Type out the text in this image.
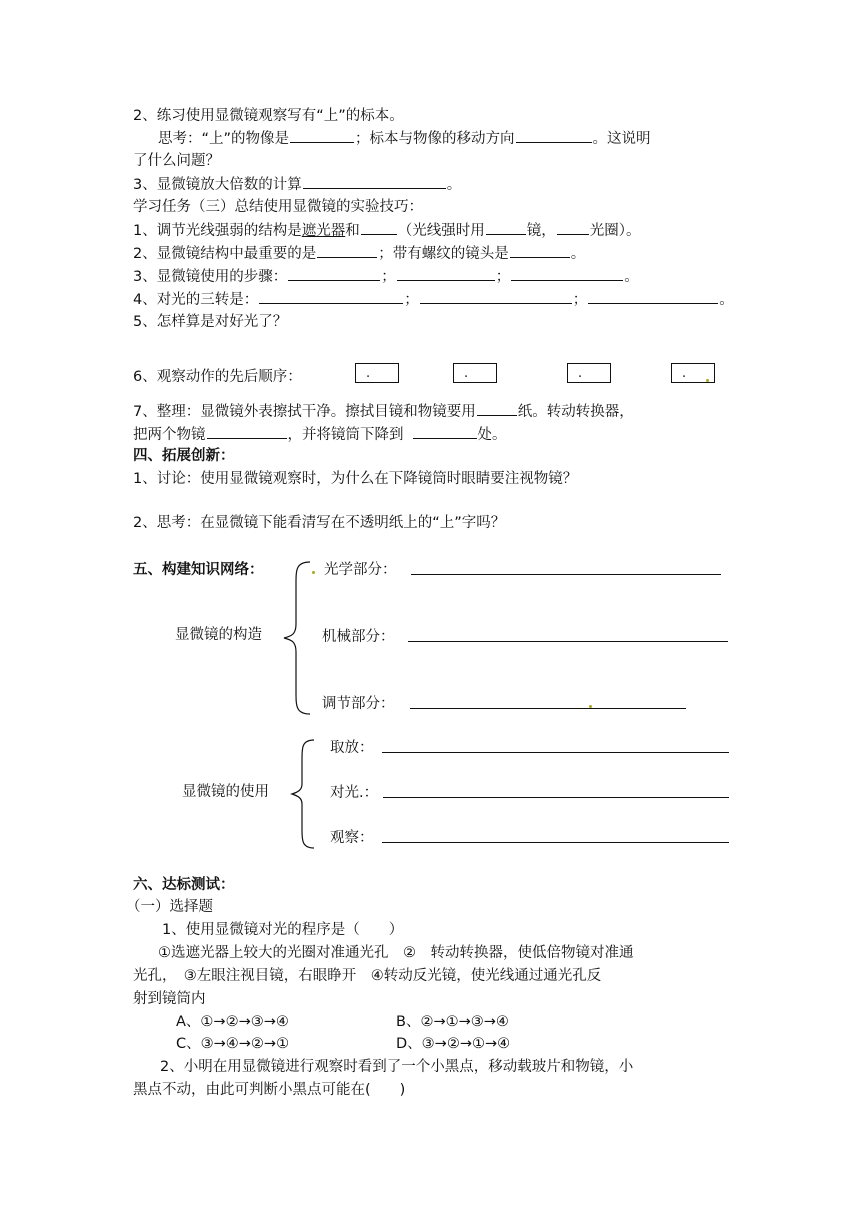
2、练习使用显微镜观察写有“上”的标本。
思考：“上”的物像是	；标本与物像的移动方向	。这说明
了什么问题？
3、显微镜放大倍数的计算	。
学习任务（三）总结使用显微镜的实验技巧：
1、调节光线强弱的结构是遮光器和	（光线强时用	镜， 光圈）。
2、显微镜结构中最重要的是	；带有螺纹的镜头是	。
3、显微镜使用的步骤：	；	；	。
4、对光的三转是：	；	；	。
5、怎样算是对好光了？
6、观察动作的先后顺序：	.	.	.	.
7、整理：显微镜外表擦拭干净。擦拭目镜和物镜要用	纸。转动转换器，
把两个物镜	，并将镜筒下降到	处。
四、拓展创新：
1、讨论：使用显微镜观察时，为什么在下降镜筒时眼睛要注视物镜？
2、思考：在显微镜下能看清写在不透明纸上的“上”字吗？
五、构建知识网络：	光学部分：
显微镜的构造	机械部分：
调节部分：
取放：
显微镜的使用	对光.：
观察：
六、达标测试：
（一）选择题
1、使用显微镜对光的程序是（　　）
①选遮光器上较大的光圈对准通光孔　②　转动转换器，使低倍物镜对准通
光孔，　③左眼注视目镜，右眼睁开　④转动反光镜，使光线通过通光孔反
射到镜筒内
A、①→②→③→④	B、②→①→③→④
C、③→④→②→①	D、③→②→①→④
2、小明在用显微镜进行观察时看到了一个小黑点，移动载玻片和物镜，小
黑点不动，由此可判断小黑点可能在(　　)
